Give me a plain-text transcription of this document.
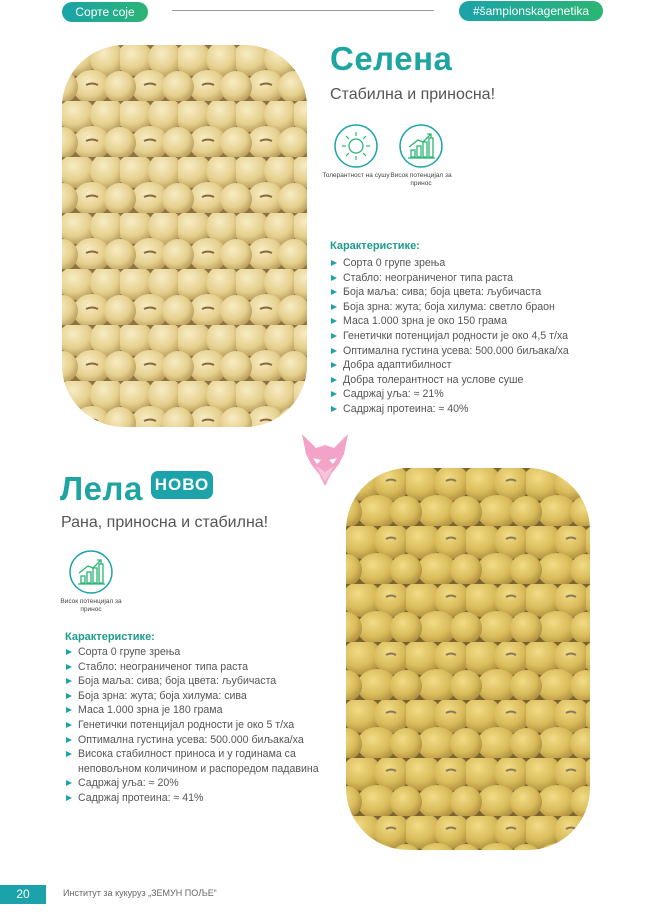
Сорте соје	#šampionskagenetika
Селена
Стабилна и приносна!
Толерантност на сушу Висок потенцијал за принос
Карактеристике:
Сорта 0 групе зрења
Стабло: неограниченог типа раста
Боја маља: сива; боја цвета: љубичаста
Боја зрна: жута; боја хилума: светло браон
Маса 1.000 зрна је око 150 грама
Генетички потенцијал родности је око 4,5 т/ха
Оптимална густина усева: 500.000 биљака/ха
Добра адаптибилност
Добра толерантност на услове суше
Садржај уља: ≈ 21%
Садржај протеина: ≈ 40%
Лела НОВО
Рана, приносна и стабилна!
Висок потенцијал за принос
Карактеристике:
Сорта 0 групе зрења
Стабло: неограниченог типа раста
Боја маља: сива; боја цвета: љубичаста
Боја зрна: жута; боја хилума: сива
Маса 1.000 зрна је 180 грама
Генетички потенцијал родности је око 5 т/ха
Оптимална густина усева: 500.000 биљака/ха
Висока стабилност приноса и у годинама са неповољном количином и распоредом падавина
Садржај уља: ≈ 20%
Садржај протеина: ≈ 41%
20	Институт за кукуруз „ЗЕМУН ПОЉЕ“
